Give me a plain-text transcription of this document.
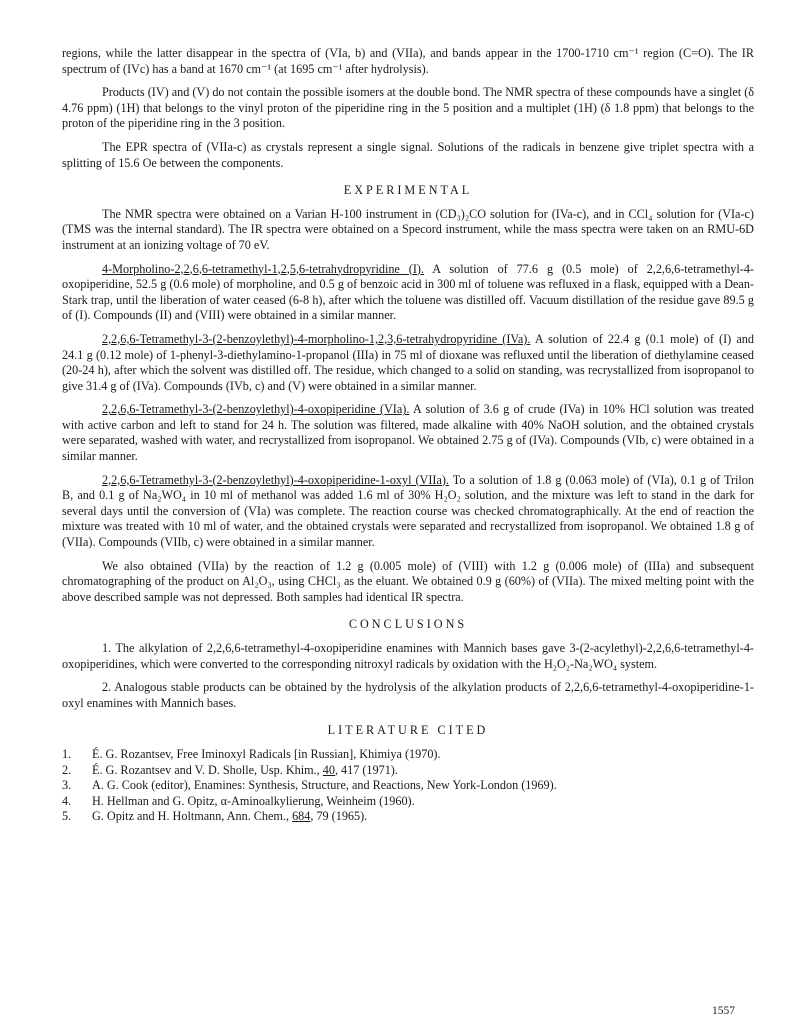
regions, while the latter disappear in the spectra of (VIa, b) and (VIIa), and bands appear in the 1700-1710 cm⁻¹ region (C=O). The IR spectrum of (IVc) has a band at 1670 cm⁻¹ (at 1695 cm⁻¹ after hydrolysis).

Products (IV) and (V) do not contain the possible isomers at the double bond. The NMR spectra of these compounds have a singlet (δ 4.76 ppm) (1H) that belongs to the vinyl proton of the piperidine ring in the 5 position and a multiplet (1H) (δ 1.8 ppm) that belongs to the proton of the piperidine ring in the 3 position.

The EPR spectra of (VIIa-c) as crystals represent a single signal. Solutions of the radicals in benzene give triplet spectra with a splitting of 15.6 Oe between the components.

EXPERIMENTAL

The NMR spectra were obtained on a Varian H-100 instrument in (CD₃)₂CO solution for (IVa-c), and in CCl₄ solution for (VIa-c) (TMS was the internal standard). The IR spectra were obtained on a Specord instrument, while the mass spectra were taken on an RMU-6D instrument at an ionizing voltage of 70 eV.

4-Morpholino-2,2,6,6-tetramethyl-1,2,5,6-tetrahydropyridine (I). A solution of 77.6 g (0.5 mole) of 2,2,6,6-tetramethyl-4-oxopiperidine, 52.5 g (0.6 mole) of morpholine, and 0.5 g of benzoic acid in 300 ml of toluene was refluxed in a flask, equipped with a Dean-Stark trap, until the liberation of water ceased (6-8 h), after which the toluene was distilled off. Vacuum distillation of the residue gave 89.5 g of (I). Compounds (II) and (VIII) were obtained in a similar manner.

2,2,6,6-Tetramethyl-3-(2-benzoylethyl)-4-morpholino-1,2,3,6-tetrahydropyridine (IVa). A solution of 22.4 g (0.1 mole) of (I) and 24.1 g (0.12 mole) of 1-phenyl-3-diethylamino-1-propanol (IIIa) in 75 ml of dioxane was refluxed until the liberation of diethylamine ceased (20-24 h), after which the solvent was distilled off. The residue, which changed to a solid on standing, was recrystallized from isopropanol to give 31.4 g of (IVa). Compounds (IVb, c) and (V) were obtained in a similar manner.

2,2,6,6-Tetramethyl-3-(2-benzoylethyl)-4-oxopiperidine (VIa). A solution of 3.6 g of crude (IVa) in 10% HCl solution was treated with active carbon and left to stand for 24 h. The solution was filtered, made alkaline with 40% NaOH solution, and the obtained crystals were separated, washed with water, and recrystallized from isopropanol. We obtained 2.75 g of (IVa). Compounds (VIb, c) were obtained in a similar manner.

2,2,6,6-Tetramethyl-3-(2-benzoylethyl)-4-oxopiperidine-1-oxyl (VIIa). To a solution of 1.8 g (0.063 mole) of (VIa), 0.1 g of Trilon B, and 0.1 g of Na₂WO₄ in 10 ml of methanol was added 1.6 ml of 30% H₂O₂ solution, and the mixture was left to stand in the dark for several days until the conversion of (VIa) was complete. The reaction course was checked chromatographically. At the end of reaction the mixture was treated with 10 ml of water, and the obtained crystals were separated and recrystallized from isopropanol. We obtained 1.8 g of (VIIa). Compounds (VIIb, c) were obtained in a similar manner.

We also obtained (VIIa) by the reaction of 1.2 g (0.005 mole) of (VIII) with 1.2 g (0.006 mole) of (IIIa) and subsequent chromatographing of the product on Al₂O₃, using CHCl₃ as the eluant. We obtained 0.9 g (60%) of (VIIa). The mixed melting point with the above described sample was not depressed. Both samples had identical IR spectra.

CONCLUSIONS

1. The alkylation of 2,2,6,6-tetramethyl-4-oxopiperidine enamines with Mannich bases gave 3-(2-acylethyl)-2,2,6,6-tetramethyl-4-oxopiperidines, which were converted to the corresponding nitroxyl radicals by oxidation with the H₂O₂-Na₂WO₄ system.

2. Analogous stable products can be obtained by the hydrolysis of the alkylation products of 2,2,6,6-tetramethyl-4-oxopiperidine-1-oxyl enamines with Mannich bases.

LITERATURE CITED
1.	É. G. Rozantsev, Free Iminoxyl Radicals [in Russian], Khimiya (1970).
2.	É. G. Rozantsev and V. D. Sholle, Usp. Khim., 40, 417 (1971).
3.	A. G. Cook (editor), Enamines: Synthesis, Structure, and Reactions, New York-London (1969).
4.	H. Hellman and G. Opitz, α-Aminoalkylierung, Weinheim (1960).
5.	G. Opitz and H. Holtmann, Ann. Chem., 684, 79 (1965).
1557
